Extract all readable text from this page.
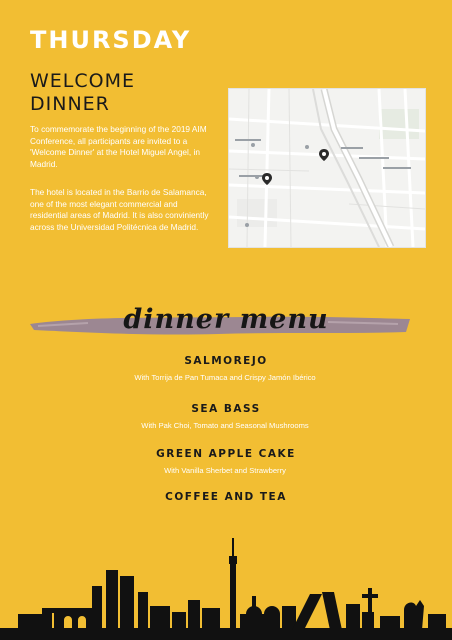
THURSDAY
WELCOME DINNER
To commemorate the beginning of the 2019 AIM Conference, all participants are invited to a 'Welcome Dinner' at the Hotel Miguel Angel, in Madrid.
The hotel is located in the Barrio de Salamanca, one of the most elegant commercial and residential areas of Madrid. It is also conviniently across the Universidad Politécnica de Madrid.
dinner menu
SALMOREJO
With Torrija de Pan Tumaca and Crispy Jamón Ibérico
SEA BASS
With Pak Choi, Tomato and Seasonal Mushrooms
GREEN APPLE CAKE
With Vanilla Sherbet and Strawberry
COFFEE AND TEA
